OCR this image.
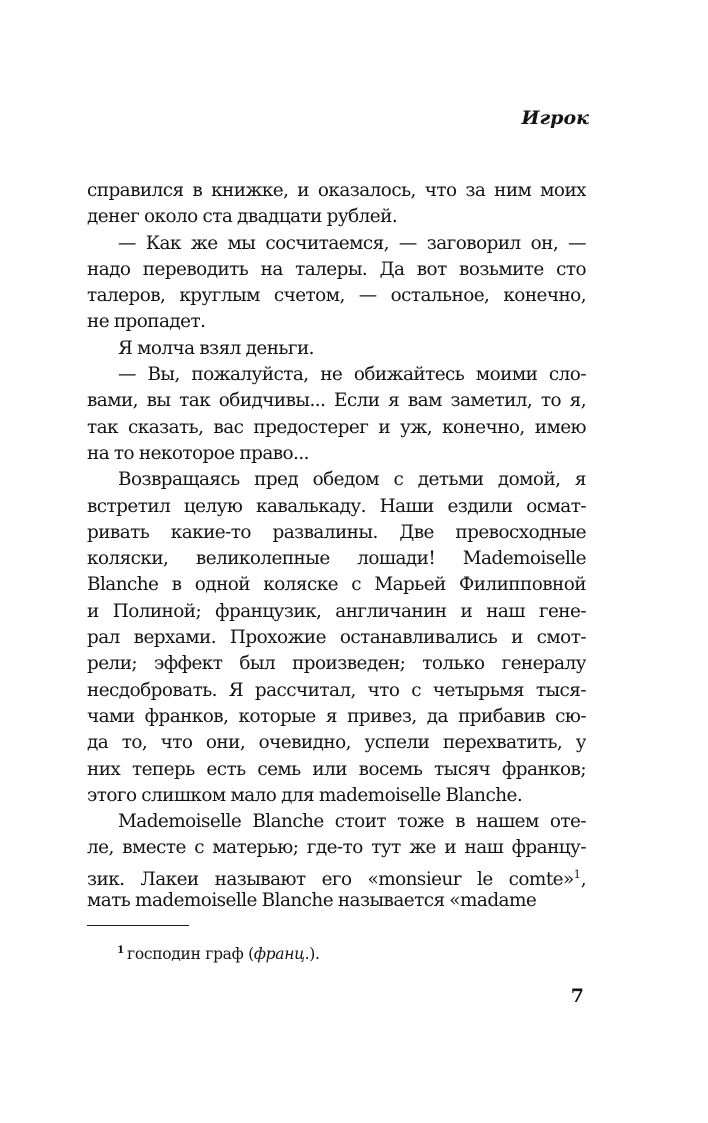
Игрок
справился в книжке, и оказалось, что за ним моих
денег около ста двадцати рублей.
— Как же мы сосчитаемся, — заговорил он, —
надо переводить на талеры. Да вот возьмите сто
талеров, круглым счетом, — остальное, конечно,
не пропадет.
Я молча взял деньги.
— Вы, пожалуйста, не обижайтесь моими сло-
вами, вы так обидчивы... Если я вам заметил, то я,
так сказать, вас предостерег и уж, конечно, имею
на то некоторое право...
Возвращаясь пред обедом с детьми домой, я
встретил целую кавалькаду. Наши ездили осмат-
ривать какие-то развалины. Две превосходные
коляски, великолепные лошади! Mademoiselle
Blanche в одной коляске с Марьей Филипповной
и Полиной; французик, англичанин и наш гене-
рал верхами. Прохожие останавливались и смот-
рели; эффект был произведен; только генералу
несдобровать. Я рассчитал, что с четырьмя тыся-
чами франков, которые я привез, да прибавив сю-
да то, что они, очевидно, успели перехватить, у
них теперь есть семь или восемь тысяч франков;
этого слишком мало для mademoiselle Blanche.
Mademoiselle Blanche стоит тоже в нашем оте-
ле, вместе с матерью; где-то тут же и наш францу-
зик. Лакеи называют его «monsieur le comte»$^1$,
мать mademoiselle Blanche называется «madame
$^1$ господин граф (франц.).
7
